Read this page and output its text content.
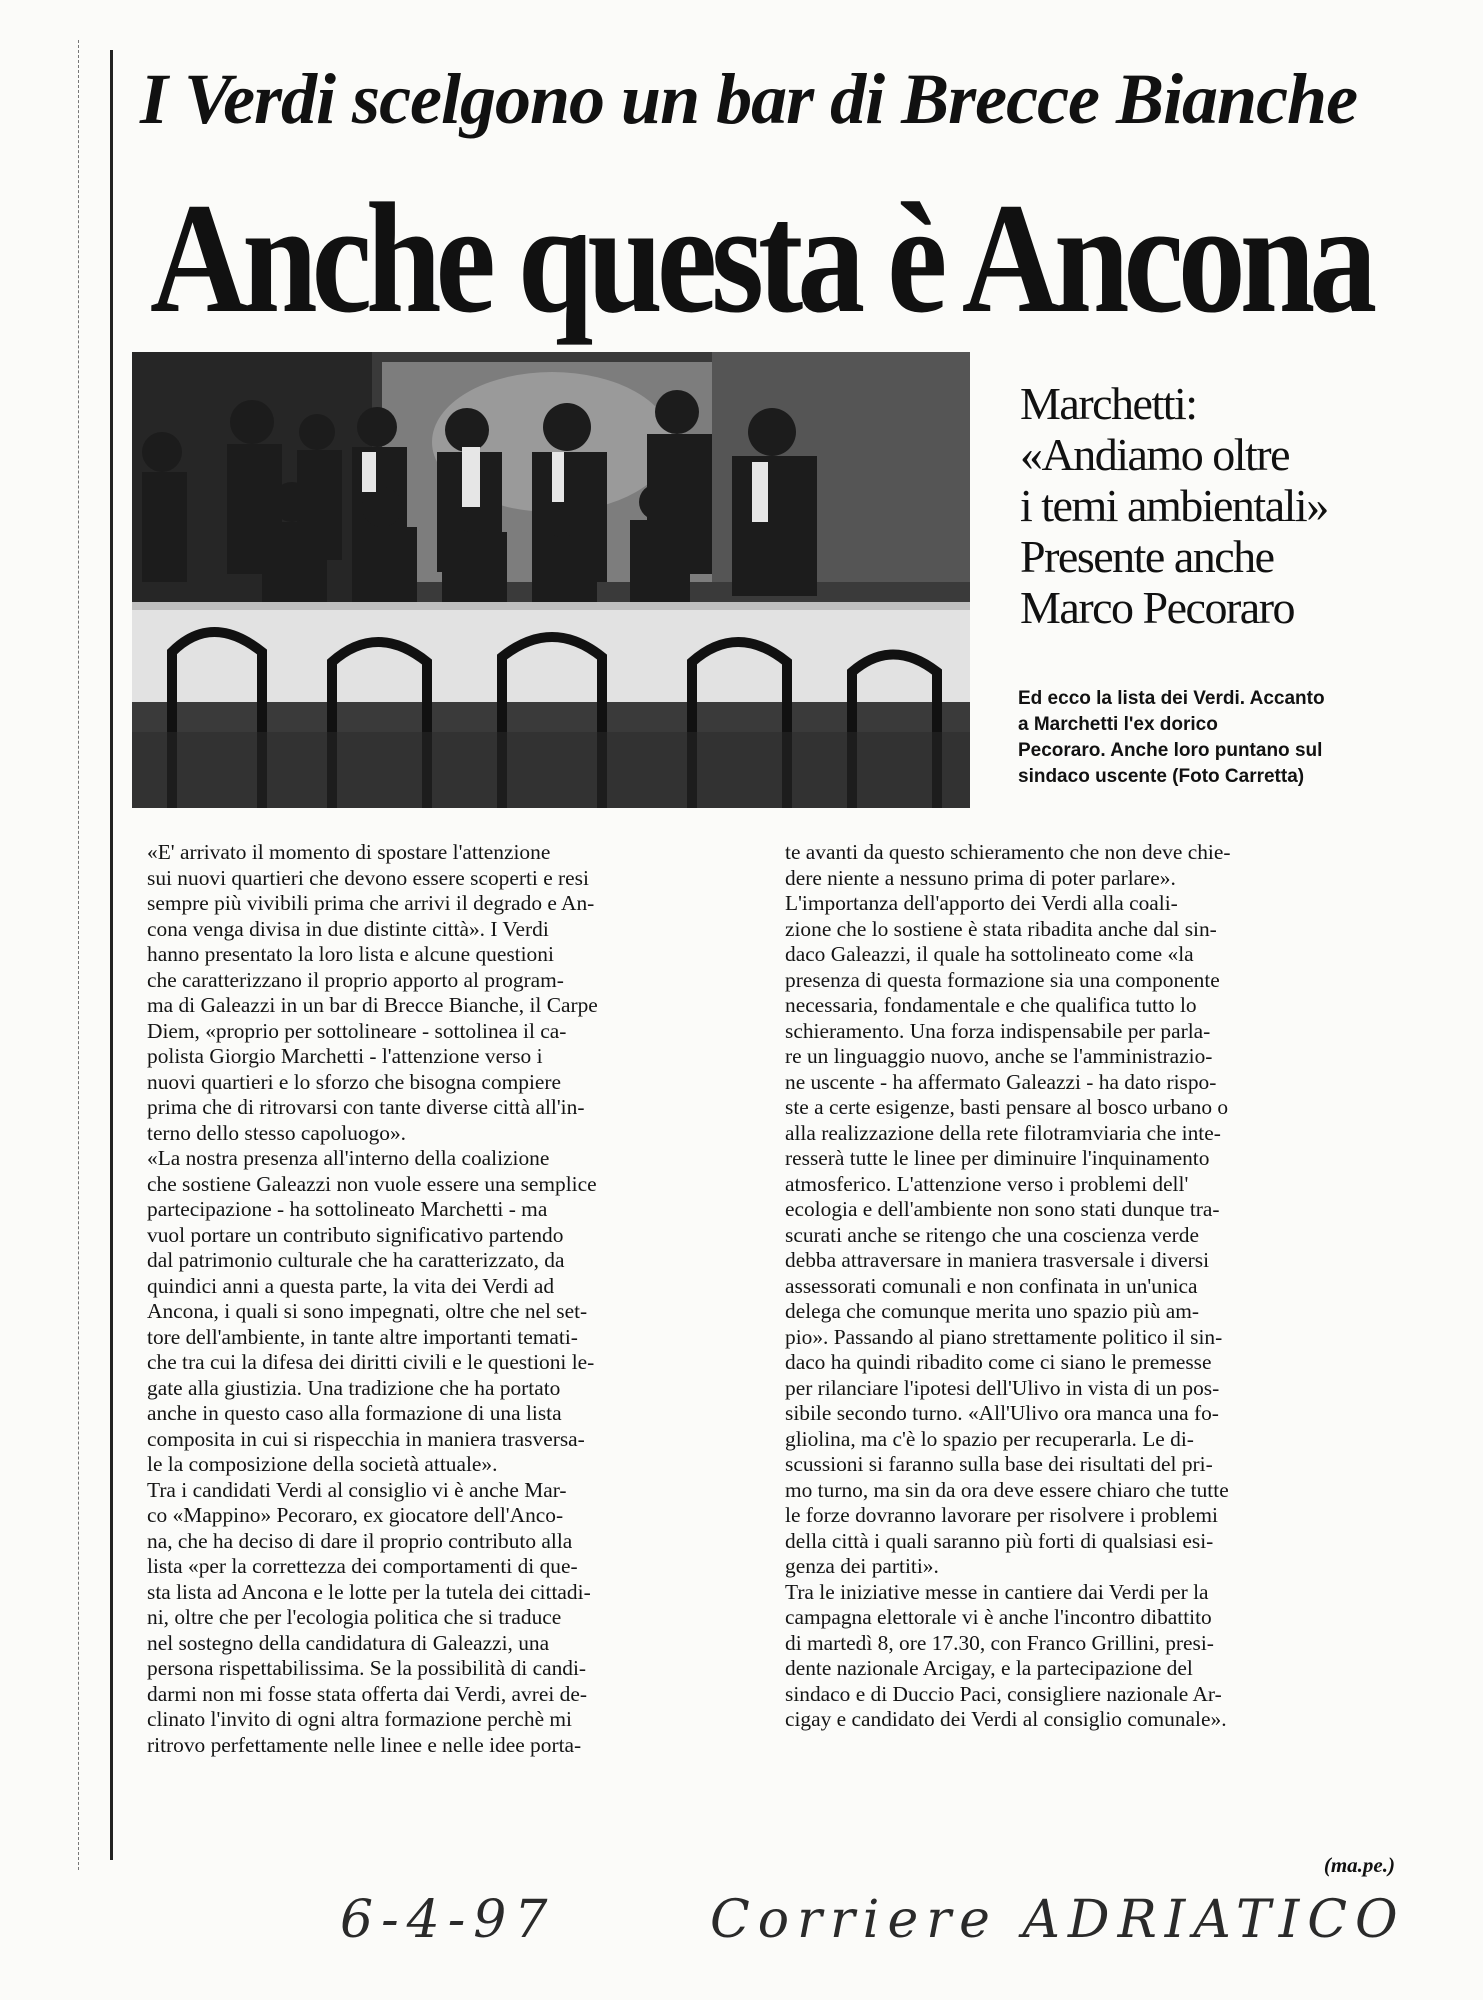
I Verdi scelgono un bar di Brecce Bianche
Anche questa è Ancona
Marchetti:
«Andiamo oltre
i temi ambientali»
Presente anche
Marco Pecoraro
Ed ecco la lista dei Verdi. Accanto
a Marchetti l'ex dorico
Pecoraro. Anche loro puntano sul
sindaco uscente (Foto Carretta)

«E' arrivato il momento di spostare l'attenzione

sui nuovi quartieri che devono essere scoperti e resi

sempre più vivibili prima che arrivi il degrado e An-

cona venga divisa in due distinte città». I Verdi

hanno presentato la loro lista e alcune questioni

che caratterizzano il proprio apporto al program-

ma di Galeazzi in un bar di Brecce Bianche, il Carpe

Diem, «proprio per sottolineare - sottolinea il ca-

polista Giorgio Marchetti - l'attenzione verso i

nuovi quartieri e lo sforzo che bisogna compiere

prima che di ritrovarsi con tante diverse città all'in-

terno dello stesso capoluogo».

«La nostra presenza all'interno della coalizione

che sostiene Galeazzi non vuole essere una semplice

partecipazione - ha sottolineato Marchetti - ma

vuol portare un contributo significativo partendo

dal patrimonio culturale che ha caratterizzato, da

quindici anni a questa parte, la vita dei Verdi ad

Ancona, i quali si sono impegnati, oltre che nel set-

tore dell'ambiente, in tante altre importanti temati-

che tra cui la difesa dei diritti civili e le questioni le-

gate alla giustizia. Una tradizione che ha portato

anche in questo caso alla formazione di una lista

composita in cui si rispecchia in maniera trasversa-

le la composizione della società attuale».

Tra i candidati Verdi al consiglio vi è anche Mar-

co «Mappino» Pecoraro, ex giocatore dell'Anco-

na, che ha deciso di dare il proprio contributo alla

lista «per la correttezza dei comportamenti di que-

sta lista ad Ancona e le lotte per la tutela dei cittadi-

ni, oltre che per l'ecologia politica che si traduce

nel sostegno della candidatura di Galeazzi, una

persona rispettabilissima. Se la possibilità di candi-

darmi non mi fosse stata offerta dai Verdi, avrei de-

clinato l'invito di ogni altra formazione perchè mi

ritrovo perfettamente nelle linee e nelle idee porta-

te avanti da questo schieramento che non deve chie-

dere niente a nessuno prima di poter parlare».

L'importanza dell'apporto dei Verdi alla coali-

zione che lo sostiene è stata ribadita anche dal sin-

daco Galeazzi, il quale ha sottolineato come «la

presenza di questa formazione sia una componente

necessaria, fondamentale e che qualifica tutto lo

schieramento. Una forza indispensabile per parla-

re un linguaggio nuovo, anche se l'amministrazio-

ne uscente - ha affermato Galeazzi - ha dato rispo-

ste a certe esigenze, basti pensare al bosco urbano o

alla realizzazione della rete filotramviaria che inte-

resserà tutte le linee per diminuire l'inquinamento

atmosferico. L'attenzione verso i problemi dell'

ecologia e dell'ambiente non sono stati dunque tra-

scurati anche se ritengo che una coscienza verde

debba attraversare in maniera trasversale i diversi

assessorati comunali e non confinata in un'unica

delega che comunque merita uno spazio più am-

pio». Passando al piano strettamente politico il sin-

daco ha quindi ribadito come ci siano le premesse

per rilanciare l'ipotesi dell'Ulivo in vista di un pos-

sibile secondo turno. «All'Ulivo ora manca una fo-

gliolina, ma c'è lo spazio per recuperarla. Le di-

scussioni si faranno sulla base dei risultati del pri-

mo turno, ma sin da ora deve essere chiaro che tutte

le forze dovranno lavorare per risolvere i problemi

della città i quali saranno più forti di qualsiasi esi-

genza dei partiti».

Tra le iniziative messe in cantiere dai Verdi per la

campagna elettorale vi è anche l'incontro dibattito

di martedì 8, ore 17.30, con Franco Grillini, presi-

dente nazionale Arcigay, e la partecipazione del

sindaco e di Duccio Paci, consigliere nazionale Ar-

cigay e candidato dei Verdi al consiglio comunale».

(ma.pe.)
6-4-97	Corriere ADRIATICO
